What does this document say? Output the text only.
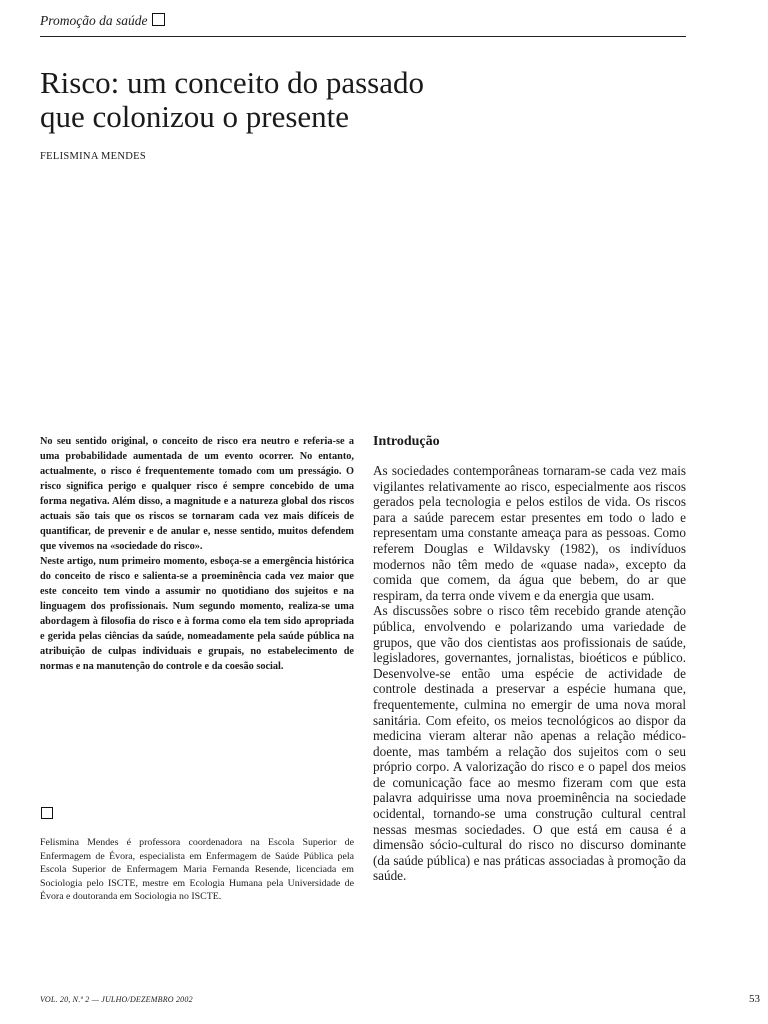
Promoção da saúde
Risco: um conceito do passado
que colonizou o presente
FELISMINA MENDES

No seu sentido original, o conceito de risco era neutro e referia-se a uma probabilidade aumentada de um evento ocorrer. No entanto, actualmente, o risco é frequentemente tomado com um presságio. O risco significa perigo e qualquer risco é sempre concebido de uma forma negativa. Além disso, a magnitude e a natureza global dos riscos actuais são tais que os riscos se tornaram cada vez mais difíceis de quantificar, de prevenir e de anular e, nesse sentido, muitos defendem que vivemos na «sociedade do risco».

Neste artigo, num primeiro momento, esboça-se a emergência histórica do conceito de risco e salienta-se a proeminência cada vez maior que este conceito tem vindo a assumir no quotidiano dos sujeitos e na linguagem dos profissionais. Num segundo momento, realiza-se uma abordagem à filosofia do risco e à forma como ela tem sido apropriada e gerida pelas ciências da saúde, nomeadamente pela saúde pública na atribuição de culpas individuais e grupais, no estabelecimento de normas e na manutenção do controle e da coesão social.

Felismina Mendes é professora coordenadora na Escola Superior de Enfermagem de Évora, especialista em Enfermagem de Saúde Pública pela Escola Superior de Enfermagem Maria Fernanda Resende, licenciada em Sociologia pelo ISCTE, mestre em Ecologia Humana pela Universidade de Évora e doutoranda em Sociologia no ISCTE.
Introdução

As sociedades contemporâneas tornaram-se cada vez mais vigilantes relativamente ao risco, especialmente aos riscos gerados pela tecnologia e pelos estilos de vida. Os riscos para a saúde parecem estar presentes em todo o lado e representam uma constante ameaça para as pessoas. Como referem Douglas e Wildavsky (1982), os indivíduos modernos não têm medo de «quase nada», excepto da comida que comem, da água que bebem, do ar que respiram, da terra onde vivem e da energia que usam.

As discussões sobre o risco têm recebido grande atenção pública, envolvendo e polarizando uma variedade de grupos, que vão dos cientistas aos profissionais de saúde, legisladores, governantes, jornalistas, bioéticos e público. Desenvolve-se então uma espécie de actividade de controle destinada a preservar a espécie humana que, frequentemente, culmina no emergir de uma nova moral sanitária. Com efeito, os meios tecnológicos ao dispor da medicina vieram alterar não apenas a relação médico-doente, mas também a relação dos sujeitos com o seu próprio corpo. A valorização do risco e o papel dos meios de comunicação face ao mesmo fizeram com que esta palavra adquirisse uma nova proeminência na sociedade ocidental, tornando-se uma construção cultural central nessas mesmas sociedades. O que está em causa é a dimensão sócio-cultural do risco no discurso dominante (da saúde pública) e nas práticas associadas à promoção da saúde.

VOL. 20, N.º 2 — JULHO/DEZEMBRO 2002	53
